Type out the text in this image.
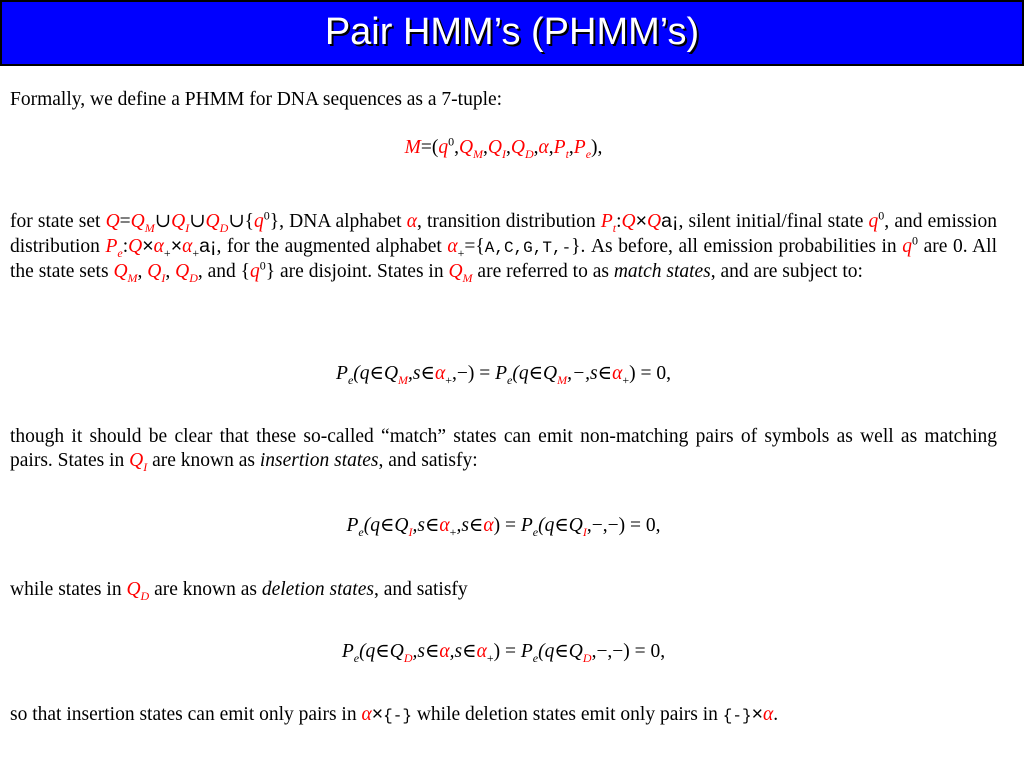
Pair HMM’s (PHMM’s)
Formally, we define a PHMM for DNA sequences as a 7-tuple:
$M=(q^0,Q_M,Q_I,Q_D,\alpha,P_t,P_e)$,
for state set $Q=Q_M\cup Q_I\cup Q_D\cup\{q^0\}$, DNA alphabet α, transition distribution $P_t:Q\times Qa¡$, silent initial/final state $q^0$, and emission distribution $P_e:Q\times\alpha_+\times\alpha_+a¡$, for the augmented alphabet $\alpha_+=\{A,C,G,T,-\}$. As before, all emission probabilities in $q^0$ are 0. All the state sets $Q_M$, $Q_I$, $Q_D$, and $\{q^0\}$ are disjoint. States in $Q_M$ are referred to as match states, and are subject to:
$P_e(q\in Q_M,s\in\alpha_+,-)$ = $P_e(q\in Q_M,-,s\in\alpha_+) = 0$,
though it should be clear that these so-called “match” states can emit non-matching pairs of symbols as well as matching pairs. States in $Q_I$ are known as insertion states, and satisfy:
$P_e(q\in Q_I,s\in\alpha_+,s\in\alpha)$ = $P_e(q\in Q_I,-,-) = 0$,
while states in $Q_D$ are known as deletion states, and satisfy
$P_e(q\in Q_D,s\in\alpha,s\in\alpha_+)$ = $P_e(q\in Q_D,-,-) = 0$,
so that insertion states can emit only pairs in α×{-} while deletion states emit only pairs in {-}×α.
